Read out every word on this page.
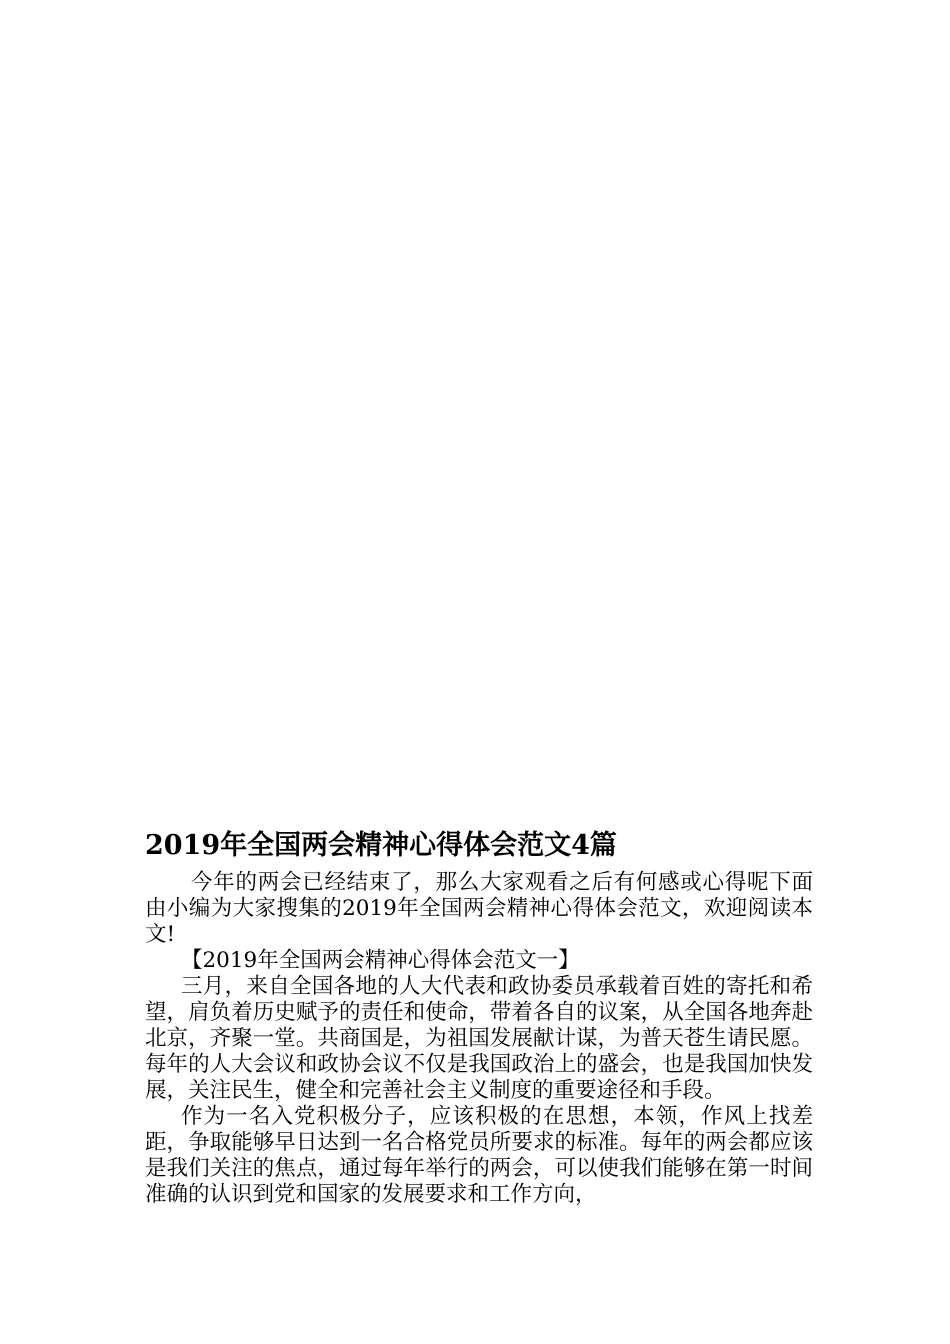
2019年全国两会精神心得体会范文4篇

今年的两会已经结束了，那么大家观看之后有何感或心得呢下面由小编为大家搜集的2019年全国两会精神心得体会范文，欢迎阅读本文!

【2019年全国两会精神心得体会范文一】

三月，来自全国各地的人大代表和政协委员承载着百姓的寄托和希望，肩负着历史赋予的责任和使命，带着各自的议案，从全国各地奔赴北京，齐聚一堂。共商国是，为祖国发展献计谋，为普天苍生请民愿。每年的人大会议和政协会议不仅是我国政治上的盛会，也是我国加快发展，关注民生，健全和完善社会主义制度的重要途径和手段。

作为一名入党积极分子，应该积极的在思想，本领，作风上找差距，争取能够早日达到一名合格党员所要求的标准。每年的两会都应该是我们关注的焦点，通过每年举行的两会，可以使我们能够在第一时间准确的认识到党和国家的发展要求和工作方向，
